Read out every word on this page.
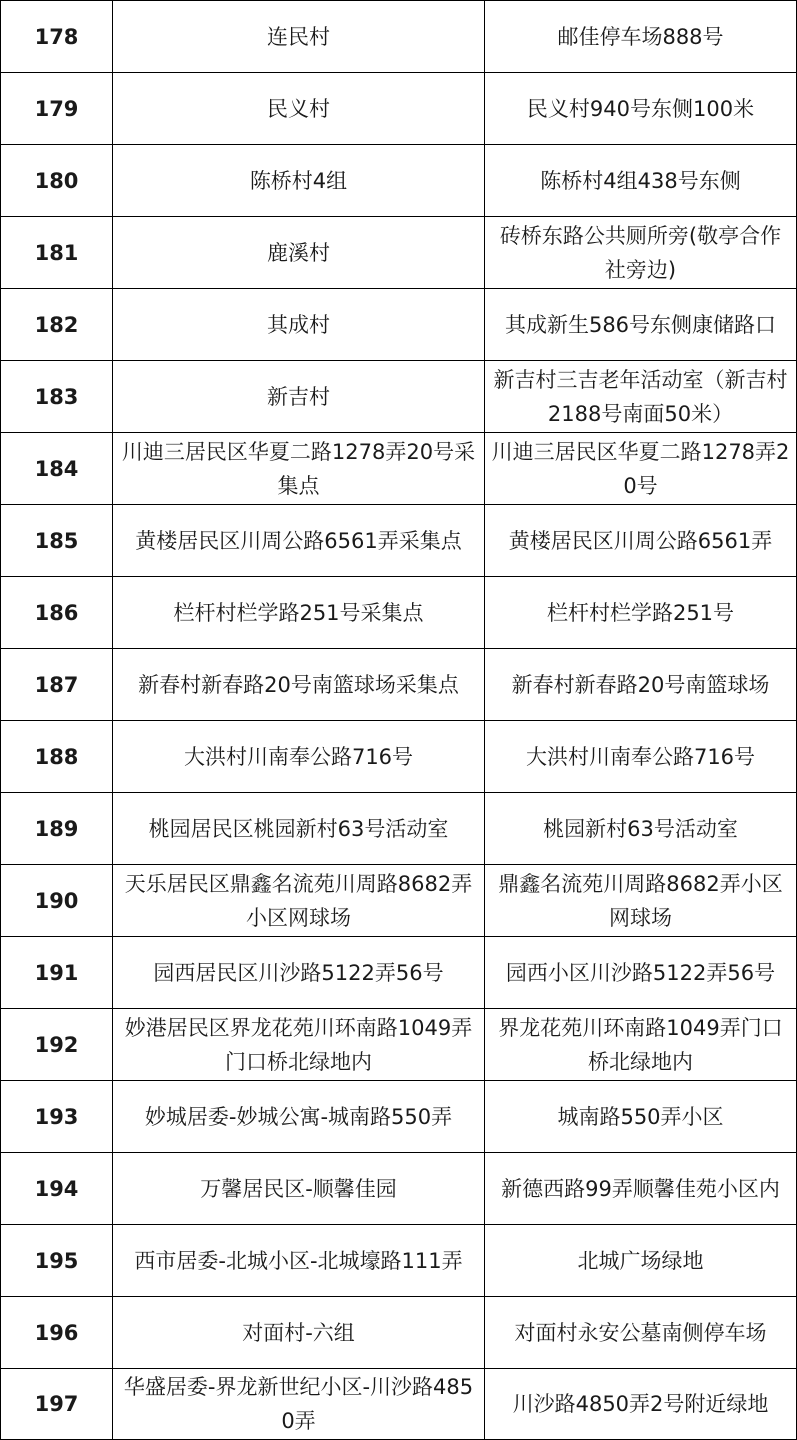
178	连民村	邮佳停车场888号

179	民义村	民义村940号东侧100米

180	陈桥村4组	陈桥村4组438号东侧

181	鹿溪村	砖桥东路公共厕所旁(敬亭合作社旁边)

182	其成村	其成新生586号东侧康储路口

183	新吉村	新吉村三吉老年活动室（新吉村2188号南面50米）

184	川迪三居民区华夏二路1278弄20号采集点	川迪三居民区华夏二路1278弄20号

185	黄楼居民区川周公路6561弄采集点	黄楼居民区川周公路6561弄

186	栏杆村栏学路251号采集点	栏杆村栏学路251号

187	新春村新春路20号南篮球场采集点	新春村新春路20号南篮球场

188	大洪村川南奉公路716号	大洪村川南奉公路716号

189	桃园居民区桃园新村63号活动室	桃园新村63号活动室

190	天乐居民区鼎鑫名流苑川周路8682弄小区网球场	鼎鑫名流苑川周路8682弄小区网球场

191	园西居民区川沙路5122弄56号	园西小区川沙路5122弄56号

192	妙港居民区界龙花苑川环南路1049弄门口桥北绿地内	界龙花苑川环南路1049弄门口桥北绿地内

193	妙城居委-妙城公寓-城南路550弄	城南路550弄小区

194	万馨居民区-顺馨佳园	新德西路99弄顺馨佳苑小区内

195	西市居委-北城小区-北城壕路111弄	北城广场绿地

196	对面村-六组	对面村永安公墓南侧停车场

197	华盛居委-界龙新世纪小区-川沙路4850弄	川沙路4850弄2号附近绿地
